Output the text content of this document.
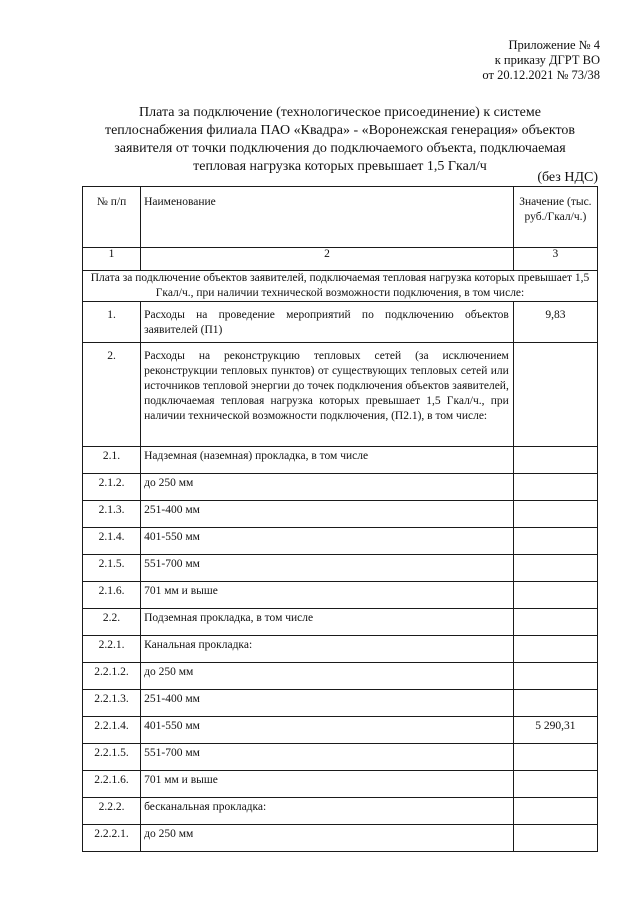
Приложение № 4
к приказу ДГРТ ВО
от 20.12.2021 № 73/38
Плата за подключение (технологическое присоединение) к системе
теплоснабжения филиала ПАО «Квадра» - «Воронежская генерация» объектов
заявителя от точки подключения до подключаемого объекта, подключаемая
тепловая нагрузка которых превышает 1,5 Гкал/ч
(без НДС)
№ п/п	Наименование	Значение (тыс. руб./Гкал/ч.)

1	2	3
Плата за подключение объектов заявителей, подключаемая тепловая нагрузка которых превышает 1,5 Гкал/ч., при наличии технической возможности подключения, в том числе:		

1.	Расходы на проведение мероприятий по подключению объектов заявителей (П1)	9,83

2.	Расходы на реконструкцию тепловых сетей (за исключением реконструкции тепловых пунктов) от существующих тепловых сетей или источников тепловой энергии до точек подключения объектов заявителей, подключаемая тепловая нагрузка которых превышает 1,5 Гкал/ч., при наличии технической возможности подключения, (П2.1), в том числе:	

2.1.	Надземная (наземная) прокладка, в том числе	

2.1.2.	до 250 мм	

2.1.3.	251-400 мм	

2.1.4.	401-550 мм	

2.1.5.	551-700 мм	

2.1.6.	701 мм и выше	

2.2.	Подземная прокладка, в том числе	

2.2.1.	Канальная прокладка:	

2.2.1.2.	до 250 мм	

2.2.1.3.	251-400 мм	

2.2.1.4.	401-550 мм	5 290,31

2.2.1.5.	551-700 мм	

2.2.1.6.	701 мм и выше	

2.2.2.	бесканальная прокладка:	

2.2.2.1.	до 250 мм	
